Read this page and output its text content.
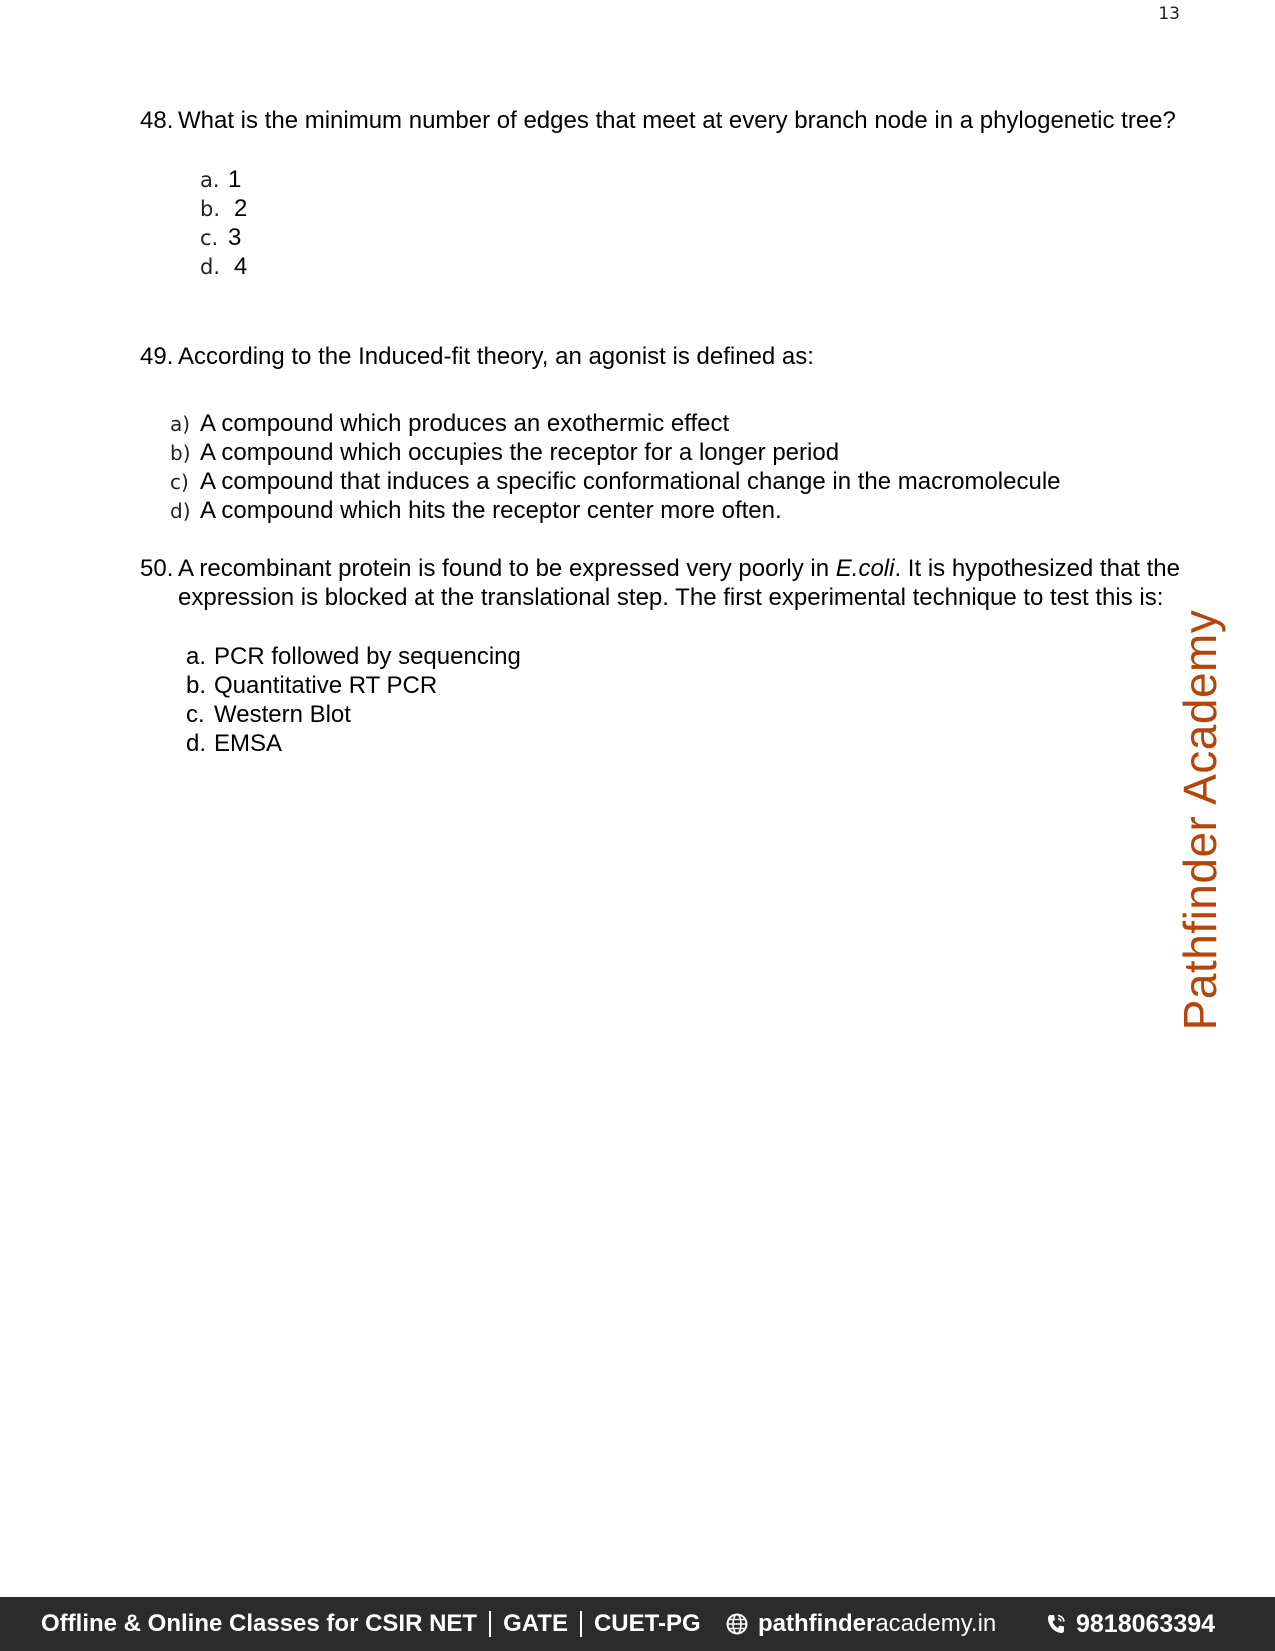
13
48. What is the minimum number of edges that meet at every branch node in a phylogenetic tree?
a. 1
b. 2
c. 3
d. 4
49. According to the Induced-fit theory, an agonist is defined as:
a) A compound which produces an exothermic effect
b) A compound which occupies the receptor for a longer period
c) A compound that induces a specific conformational change in the macromolecule
d) A compound which hits the receptor center more often.
50. A recombinant protein is found to be expressed very poorly in E.coli. It is hypothesized that the expression is blocked at the translational step. The first experimental technique to test this is:
a. PCR followed by sequencing
b. Quantitative RT PCR
c. Western Blot
d. EMSA	Pathfinder Academy
Offline & Online Classes for CSIR NET GATE CUET-PG pathfinder academy.in	9818063394
